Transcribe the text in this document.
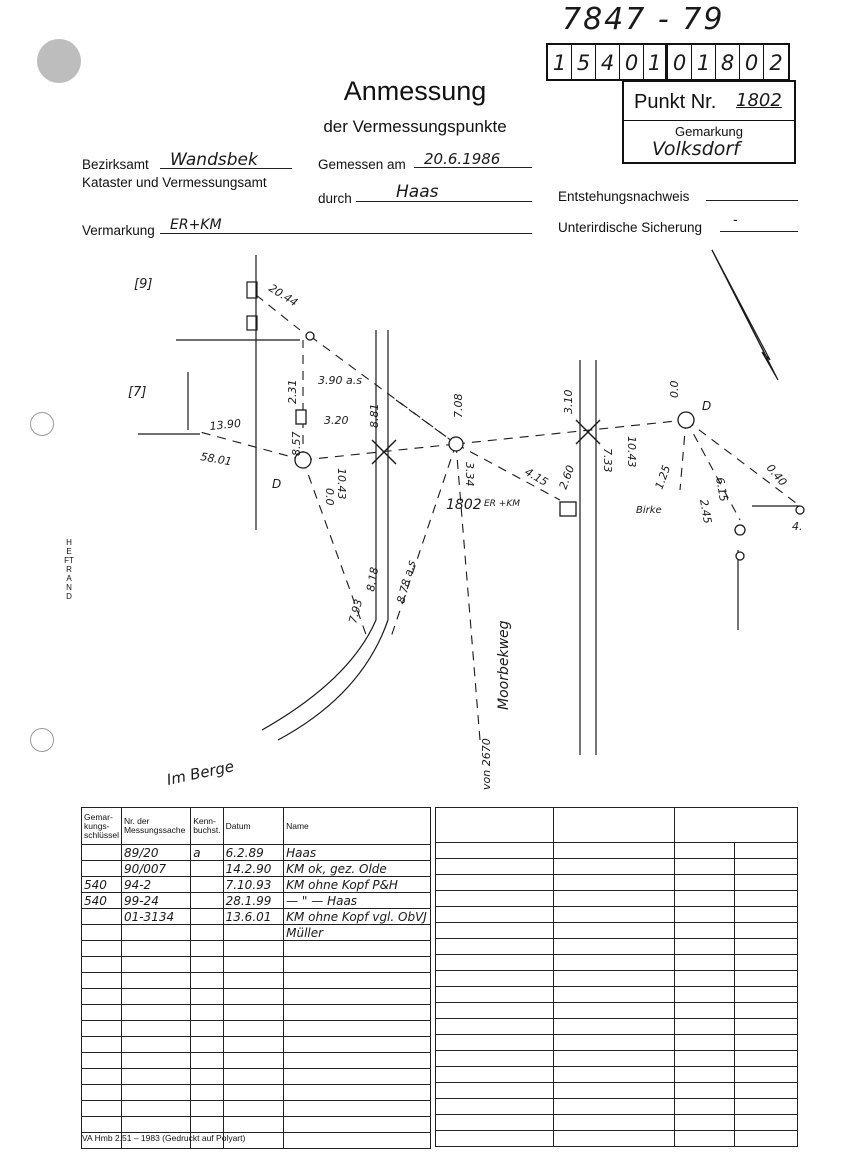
7847 - 79
1 5 4 0 1 0 1 8 0 2
Anmessung
der Vermessungspunkte
Punkt Nr. 1802
Gemarkung
Volksdorf
Bezirksamt Wandsbek
Kataster und Vermessungsamt
Gemessen am 20.6.1986
durch	Haas	Entstehungsnachweis
Vermarkung ER+KM	Unterirdische Sicherung -
HEFTRAND
[9]
[7]
1802 ER +KM
Birke
D
D
4.
Moorbekweg
Im Berge	von 2670
20.44
3.90 a.s
2.31
3.20 8.81
13.90
58.01
8.57
0.0 10.43
7.08
3.34	4.15 2.60
3.10
7.33 10.43
1.25
0.0
6.15
2.45
0.40
7.93
8.18 8.78 a.s
Gemar-kungs-schlüssel	Nr. der Messungssache	Kenn-buchst.	Datum	Name
	89/20	a	6.2.89	Haas
	90/007		14.2.90	KM ok, gez. Olde
540	94-2		7.10.93	KM ohne Kopf P&H
540	99-24		28.1.99	— " — Haas
	01-3134		13.6.01	KM ohne Kopf vgl. ObVJ
				Müller

VA Hmb 2.51 – 1983 (Gedruckt auf Polyart)
